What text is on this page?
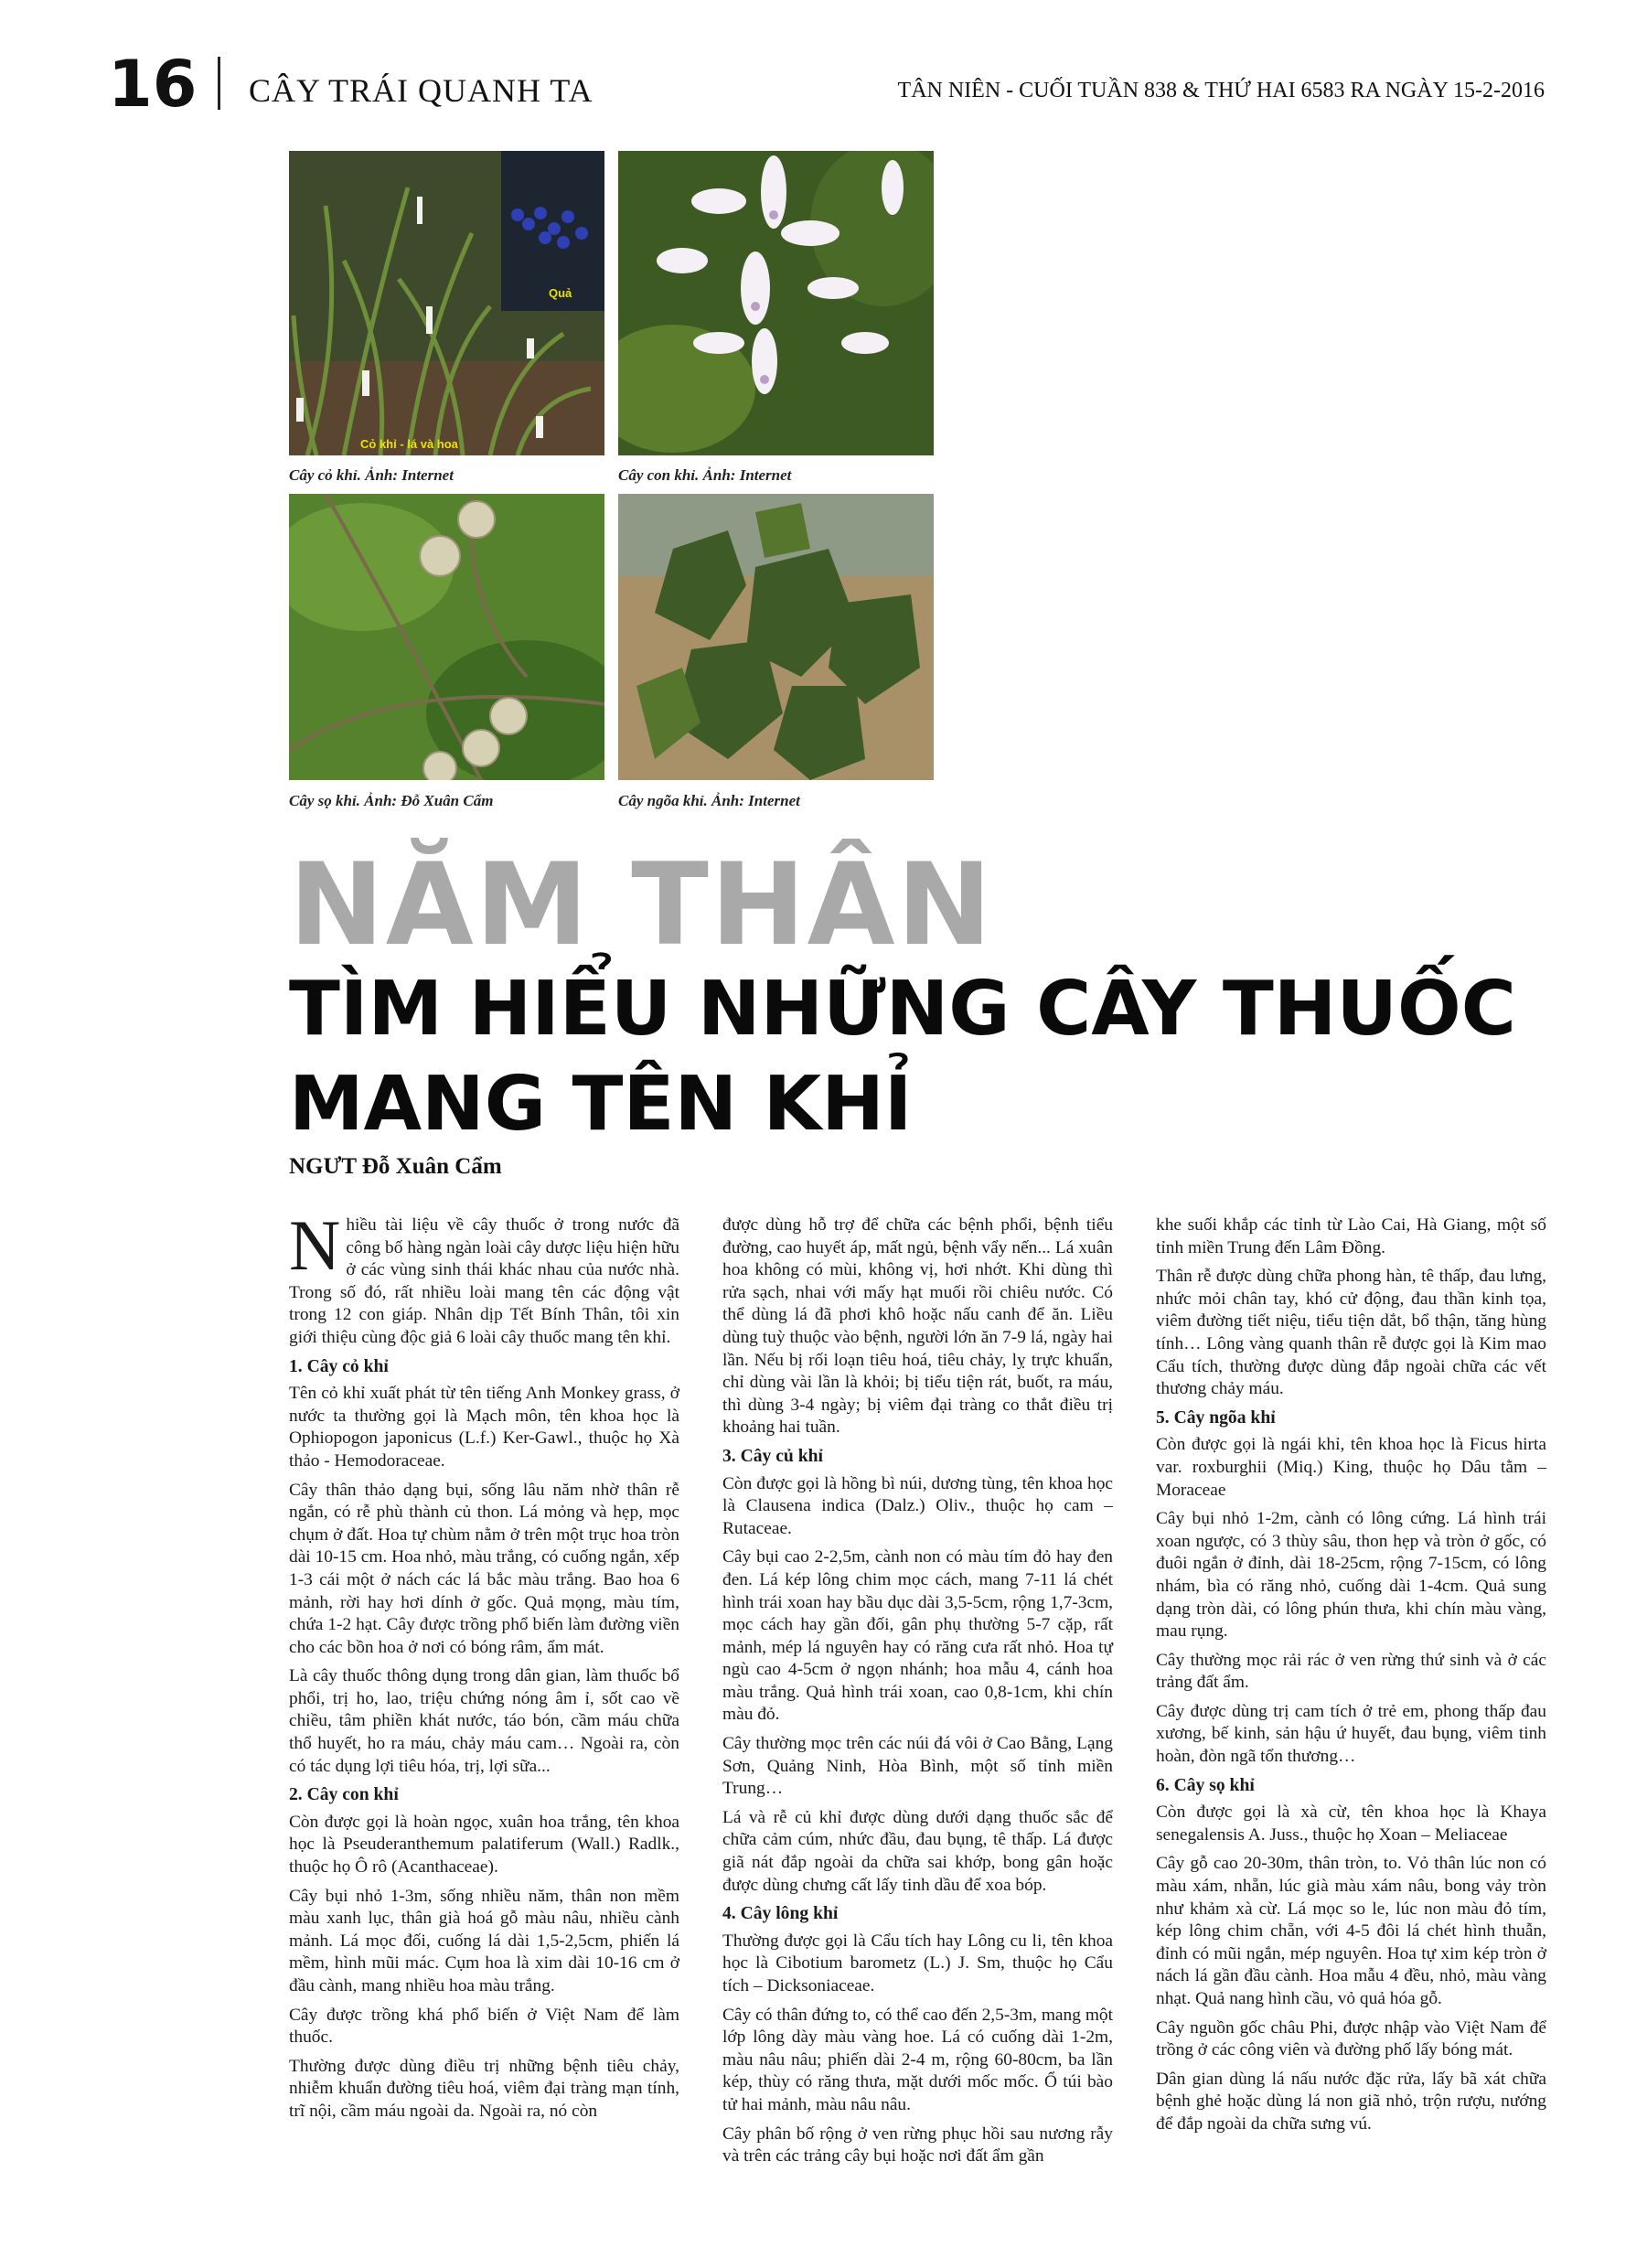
16 CÂY TRÁI QUANH TA	TÂN NIÊN - CUỐI TUẦN 838 & THỨ HAI 6583 RA NGÀY 15-2-2016
Quả
Cỏ khỉ - lá và hoa
Cây cỏ khỉ. Ảnh: Internet	Cây con khỉ. Ảnh: Internet
Cây sọ khỉ. Ảnh: Đỗ Xuân Cẩm	Cây ngõa khỉ. Ảnh: Internet
NĂM THÂN
TÌM HIỂU NHỮNG CÂY THUỐC
MANG TÊN KHỈ
NGƯT Đỗ Xuân Cẩm

Nhiều tài liệu về cây thuốc ở trong nước đã công bố hàng ngàn loài cây dược liệu hiện hữu ở các vùng sinh thái khác nhau của nước nhà. Trong số đó, rất nhiều loài mang tên các động vật trong 12 con giáp. Nhân dịp Tết Bính Thân, tôi xin giới thiệu cùng độc giả 6 loài cây thuốc mang tên khỉ.

1. Cây cỏ khỉ

Tên cỏ khỉ xuất phát từ tên tiếng Anh Monkey grass, ở nước ta thường gọi là Mạch môn, tên khoa học là Ophiopogon japonicus (L.f.) Ker-Gawl., thuộc họ Xà thảo - Hemodoraceae.

Cây thân thảo dạng bụi, sống lâu năm nhờ thân rễ ngắn, có rễ phù thành củ thon. Lá mỏng và hẹp, mọc chụm ở đất. Hoa tự chùm nằm ở trên một trục hoa tròn dài 10-15 cm. Hoa nhỏ, màu trắng, có cuống ngắn, xếp 1-3 cái một ở nách các lá bắc màu trắng. Bao hoa 6 mảnh, rời hay hơi dính ở gốc. Quả mọng, màu tím, chứa 1-2 hạt. Cây được trồng phổ biến làm đường viền cho các bồn hoa ở nơi có bóng râm, ẩm mát.

Là cây thuốc thông dụng trong dân gian, làm thuốc bổ phổi, trị ho, lao, triệu chứng nóng âm ỉ, sốt cao về chiều, tâm phiền khát nước, táo bón, cầm máu chữa thổ huyết, ho ra máu, chảy máu cam… Ngoài ra, còn có tác dụng lợi tiêu hóa, trị, lợi sữa...

2. Cây con khỉ

Còn được gọi là hoàn ngọc, xuân hoa trắng, tên khoa học là Pseuderanthemum palatiferum (Wall.) Radlk., thuộc họ Ô rô (Acanthaceae).

Cây bụi nhỏ 1-3m, sống nhiều năm, thân non mềm màu xanh lục, thân già hoá gỗ màu nâu, nhiều cành mảnh. Lá mọc đối, cuống lá dài 1,5-2,5cm, phiến lá mềm, hình mũi mác. Cụm hoa là xim dài 10-16 cm ở đầu cành, mang nhiều hoa màu trắng.

Cây được trồng khá phổ biến ở Việt Nam để làm thuốc.

Thường được dùng điều trị những bệnh tiêu chảy, nhiễm khuẩn đường tiêu hoá, viêm đại tràng mạn tính, trĩ nội, cầm máu ngoài da. Ngoài ra, nó còn

được dùng hỗ trợ để chữa các bệnh phổi, bệnh tiểu đường, cao huyết áp, mất ngủ, bệnh vẩy nến... Lá xuân hoa không có mùi, không vị, hơi nhớt. Khi dùng thì rửa sạch, nhai với mấy hạt muối rồi chiêu nước. Có thể dùng lá đã phơi khô hoặc nấu canh để ăn. Liều dùng tuỳ thuộc vào bệnh, người lớn ăn 7-9 lá, ngày hai lần. Nếu bị rối loạn tiêu hoá, tiêu chảy, lỵ trực khuẩn, chỉ dùng vài lần là khỏi; bị tiểu tiện rát, buốt, ra máu, thì dùng 3-4 ngày; bị viêm đại tràng co thắt điều trị khoảng hai tuần.

3. Cây củ khỉ

Còn được gọi là hồng bì núi, dương tùng, tên khoa học là Clausena indica (Dalz.) Oliv., thuộc họ cam – Rutaceae.

Cây bụi cao 2-2,5m, cành non có màu tím đỏ hay đen đen. Lá kép lông chim mọc cách, mang 7-11 lá chét hình trái xoan hay bầu dục dài 3,5-5cm, rộng 1,7-3cm, mọc cách hay gần đối, gân phụ thường 5-7 cặp, rất mảnh, mép lá nguyên hay có răng cưa rất nhỏ. Hoa tự ngù cao 4-5cm ở ngọn nhánh; hoa mẫu 4, cánh hoa màu trắng. Quả hình trái xoan, cao 0,8-1cm, khi chín màu đỏ.

Cây thường mọc trên các núi đá vôi ở Cao Bằng, Lạng Sơn, Quảng Ninh, Hòa Bình, một số tỉnh miền Trung…

Lá và rễ củ khỉ được dùng dưới dạng thuốc sắc để chữa cảm cúm, nhức đầu, đau bụng, tê thấp. Lá được giã nát đắp ngoài da chữa sai khớp, bong gân hoặc được dùng chưng cất lấy tinh dầu để xoa bóp.

4. Cây lông khỉ

Thường được gọi là Cẩu tích hay Lông cu li, tên khoa học là Cibotium barometz (L.) J. Sm, thuộc họ Cẩu tích – Dicksoniaceae.

Cây có thân đứng to, có thể cao đến 2,5-3m, mang một lớp lông dày màu vàng hoe. Lá có cuống dài 1-2m, màu nâu nâu; phiến dài 2-4 m, rộng 60-80cm, ba lần kép, thùy có răng thưa, mặt dưới mốc mốc. Ổ túi bào tử hai mảnh, màu nâu nâu.

Cây phân bố rộng ở ven rừng phục hồi sau nương rẫy và trên các trảng cây bụi hoặc nơi đất ẩm gần

khe suối khắp các tỉnh từ Lào Cai, Hà Giang, một số tỉnh miền Trung đến Lâm Đồng.

Thân rễ được dùng chữa phong hàn, tê thấp, đau lưng, nhức mỏi chân tay, khó cử động, đau thần kinh tọa, viêm đường tiết niệu, tiểu tiện dắt, bổ thận, tăng hùng tính… Lông vàng quanh thân rễ được gọi là Kim mao Cẩu tích, thường được dùng đắp ngoài chữa các vết thương chảy máu.

5. Cây ngõa khỉ

Còn được gọi là ngái khỉ, tên khoa học là Ficus hirta var. roxburghii (Miq.) King, thuộc họ Dâu tằm – Moraceae

Cây bụi nhỏ 1-2m, cành có lông cứng. Lá hình trái xoan ngược, có 3 thùy sâu, thon hẹp và tròn ở gốc, có đuôi ngắn ở đỉnh, dài 18-25cm, rộng 7-15cm, có lông nhám, bìa có răng nhỏ, cuống dài 1-4cm. Quả sung dạng tròn dài, có lông phún thưa, khi chín màu vàng, mau rụng.

Cây thường mọc rải rác ở ven rừng thứ sinh và ở các trảng đất ẩm.

Cây được dùng trị cam tích ở trẻ em, phong thấp đau xương, bế kinh, sản hậu ứ huyết, đau bụng, viêm tinh hoàn, đòn ngã tổn thương…

6. Cây sọ khỉ

Còn được gọi là xà cừ, tên khoa học là Khaya senegalensis A. Juss., thuộc họ Xoan – Meliaceae

Cây gỗ cao 20-30m, thân tròn, to. Vỏ thân lúc non có màu xám, nhẵn, lúc già màu xám nâu, bong vảy tròn như khảm xà cừ. Lá mọc so le, lúc non màu đỏ tím, kép lông chim chẵn, với 4-5 đôi lá chét hình thuẫn, đỉnh có mũi ngắn, mép nguyên. Hoa tự xim kép tròn ở nách lá gần đầu cành. Hoa mẫu 4 đều, nhỏ, màu vàng nhạt. Quả nang hình cầu, vỏ quả hóa gỗ.

Cây nguồn gốc châu Phi, được nhập vào Việt Nam để trồng ở các công viên và đường phố lấy bóng mát.

Dân gian dùng lá nấu nước đặc rửa, lấy bã xát chữa bệnh ghẻ hoặc dùng lá non giã nhỏ, trộn rượu, nướng để đắp ngoài da chữa sưng vú.
